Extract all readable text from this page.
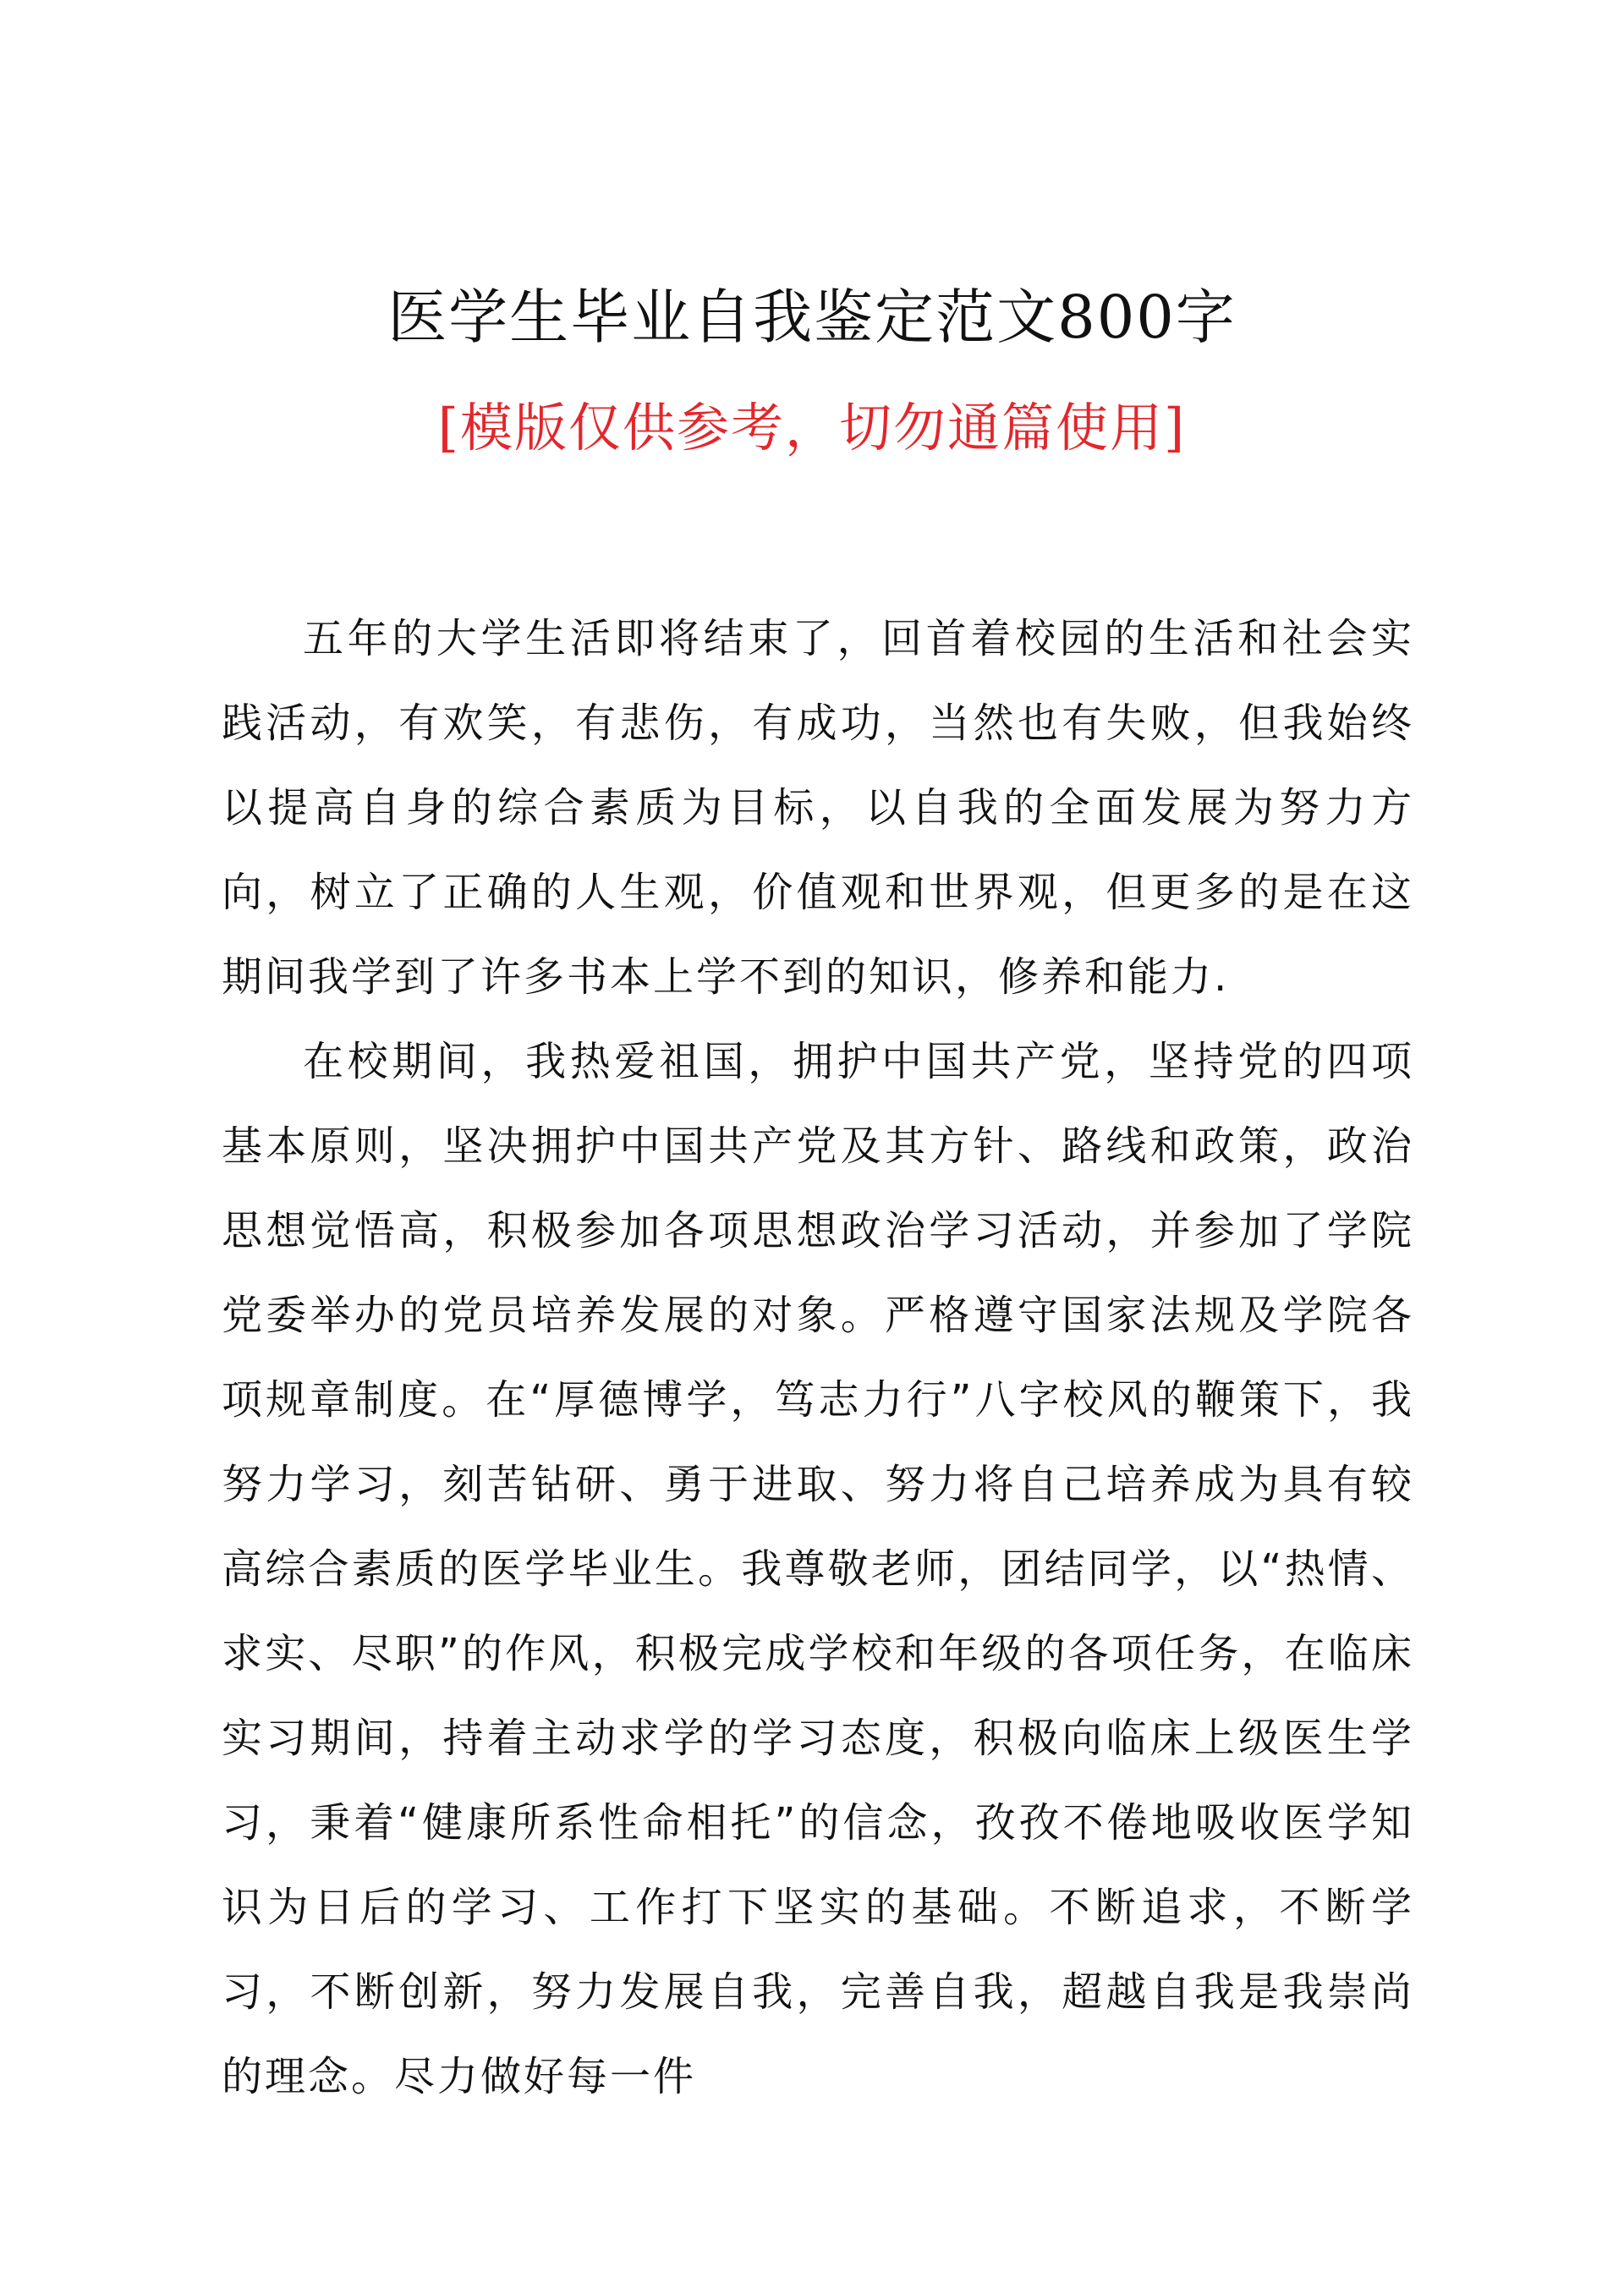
医学生毕业自我鉴定范文800字
[模版仅供参考，切勿通篇使用]

五年的大学生活即将结束了，回首着校园的生活和社会实践活动，有欢笑，有悲伤，有成功，当然也有失败，但我始终以提高自身的综合素质为目标，以自我的全面发展为努力方向，树立了正确的人生观，价值观和世界观，但更多的是在这期间我学到了许多书本上学不到的知识，修养和能力.

在校期间，我热爱祖国，拥护中国共产党，坚持党的四项基本原则，坚决拥护中国共产党及其方针、路线和政策，政治思想觉悟高，积极参加各项思想政治学习活动，并参加了学院党委举办的党员培养发展的对象。严格遵守国家法规及学院各项规章制度。在“厚德博学，笃志力行”八字校风的鞭策下，我努力学习，刻苦钻研、勇于进取、努力将自己培养成为具有较高综合素质的医学毕业生。我尊敬老师，团结同学，以“热情、求实、尽职”的作风，积极完成学校和年级的各项任务，在临床实习期间，持着主动求学的学习态度，积极向临床上级医生学习，秉着“健康所系性命相托”的信念，孜孜不倦地吸收医学知识为日后的学习、工作打下坚实的基础。不断追求，不断学习，不断创新，努力发展自我，完善自我，超越自我是我崇尚的理念。尽力做好每一件
